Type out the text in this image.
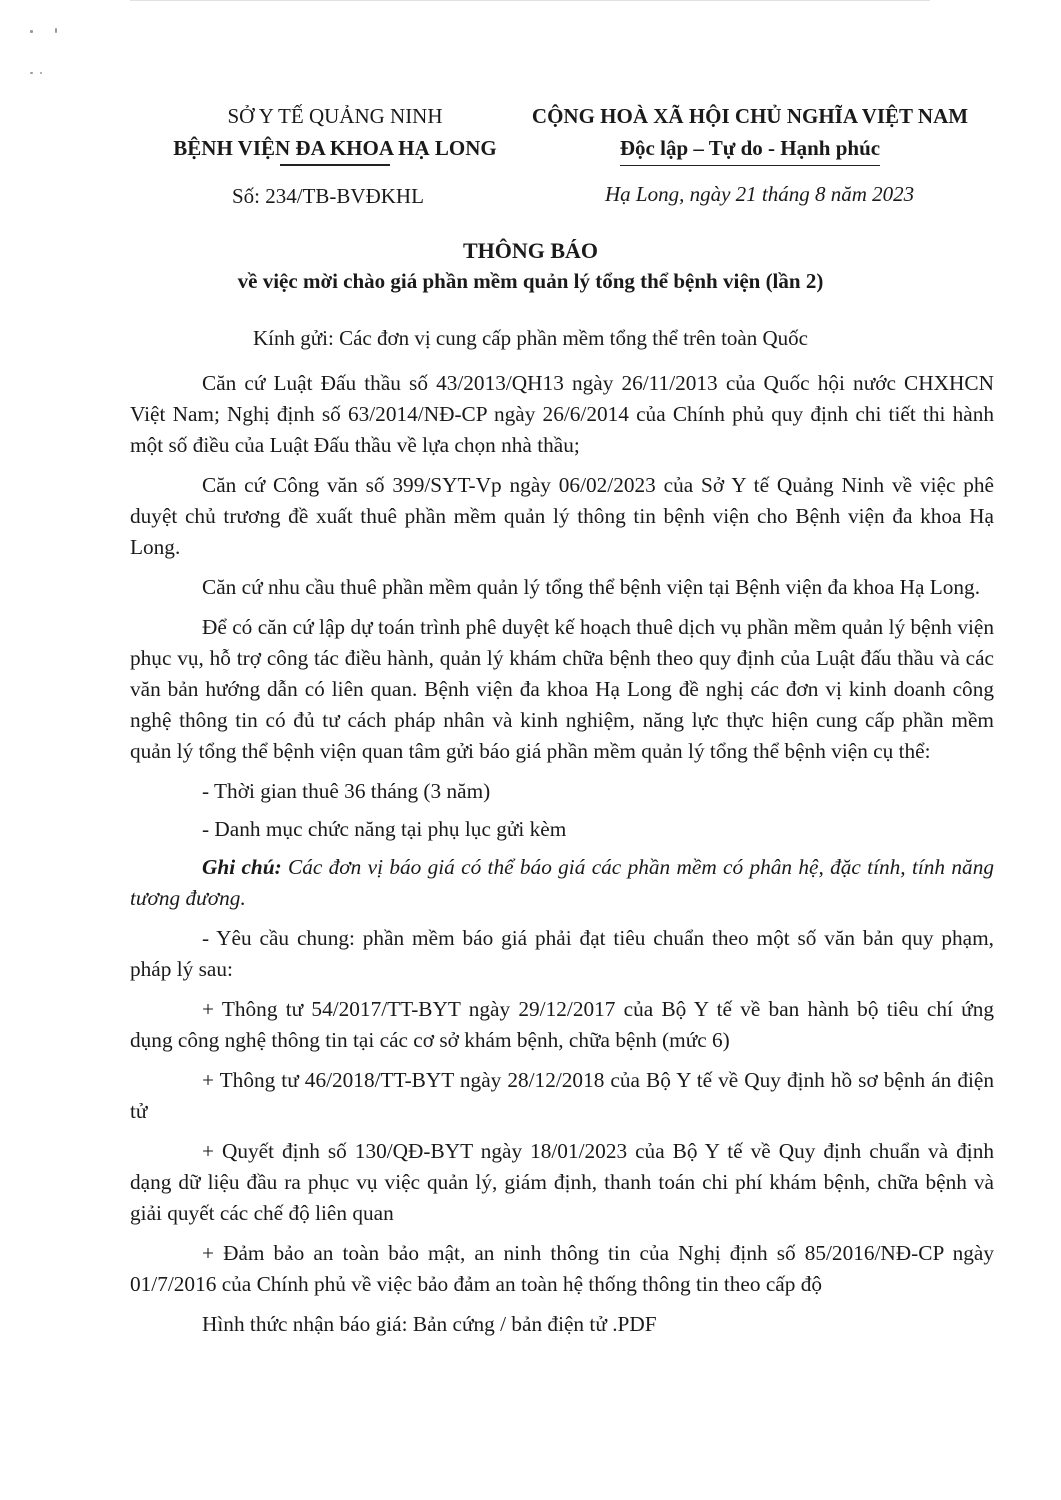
SỞ Y TẾ QUẢNG NINH
BỆNH VIỆN ĐA KHOA HẠ LONG
CỘNG HOÀ XÃ HỘI CHỦ NGHĨA VIỆT NAM
Độc lập – Tự do - Hạnh phúc
Số: 234/TB-BVĐKHL	Hạ Long, ngày 21 tháng 8 năm 2023
THÔNG BÁO
về việc mời chào giá phần mềm quản lý tổng thể bệnh viện (lần 2)
Kính gửi: Các đơn vị cung cấp phần mềm tổng thể trên toàn Quốc

Căn cứ Luật Đấu thầu số 43/2013/QH13 ngày 26/11/2013 của Quốc hội nước CHXHCN Việt Nam; Nghị định số 63/2014/NĐ-CP ngày 26/6/2014 của Chính phủ quy định chi tiết thi hành một số điều của Luật Đấu thầu về lựa chọn nhà thầu;

Căn cứ Công văn số 399/SYT-Vp ngày 06/02/2023 của Sở Y tế Quảng Ninh về việc phê duyệt chủ trương đề xuất thuê phần mềm quản lý thông tin bệnh viện cho Bệnh viện đa khoa Hạ Long.

Căn cứ nhu cầu thuê phần mềm quản lý tổng thể bệnh viện tại Bệnh viện đa khoa Hạ Long.

Để có căn cứ lập dự toán trình phê duyệt kế hoạch thuê dịch vụ phần mềm quản lý bệnh viện phục vụ, hỗ trợ công tác điều hành, quản lý khám chữa bệnh theo quy định của Luật đấu thầu và các văn bản hướng dẫn có liên quan. Bệnh viện đa khoa Hạ Long đề nghị các đơn vị kinh doanh công nghệ thông tin có đủ tư cách pháp nhân và kinh nghiệm, năng lực thực hiện cung cấp phần mềm quản lý tổng thể bệnh viện quan tâm gửi báo giá phần mềm quản lý tổng thể bệnh viện cụ thể:

- Thời gian thuê 36 tháng (3 năm)

- Danh mục chức năng tại phụ lục gửi kèm

Ghi chú: Các đơn vị báo giá có thể báo giá các phần mềm có phân hệ, đặc tính, tính năng tương đương.

- Yêu cầu chung: phần mềm báo giá phải đạt tiêu chuẩn theo một số văn bản quy phạm, pháp lý sau:

+ Thông tư 54/2017/TT-BYT ngày 29/12/2017 của Bộ Y tế về ban hành bộ tiêu chí ứng dụng công nghệ thông tin tại các cơ sở khám bệnh, chữa bệnh (mức 6)

+ Thông tư 46/2018/TT-BYT ngày 28/12/2018 của Bộ Y tế về Quy định hồ sơ bệnh án điện tử

+ Quyết định số 130/QĐ-BYT ngày 18/01/2023 của Bộ Y tế về Quy định chuẩn và định dạng dữ liệu đầu ra phục vụ việc quản lý, giám định, thanh toán chi phí khám bệnh, chữa bệnh và giải quyết các chế độ liên quan

+ Đảm bảo an toàn bảo mật, an ninh thông tin của Nghị định số 85/2016/NĐ-CP ngày 01/7/2016 của Chính phủ về việc bảo đảm an toàn hệ thống thông tin theo cấp độ

Hình thức nhận báo giá: Bản cứng / bản điện tử .PDF
